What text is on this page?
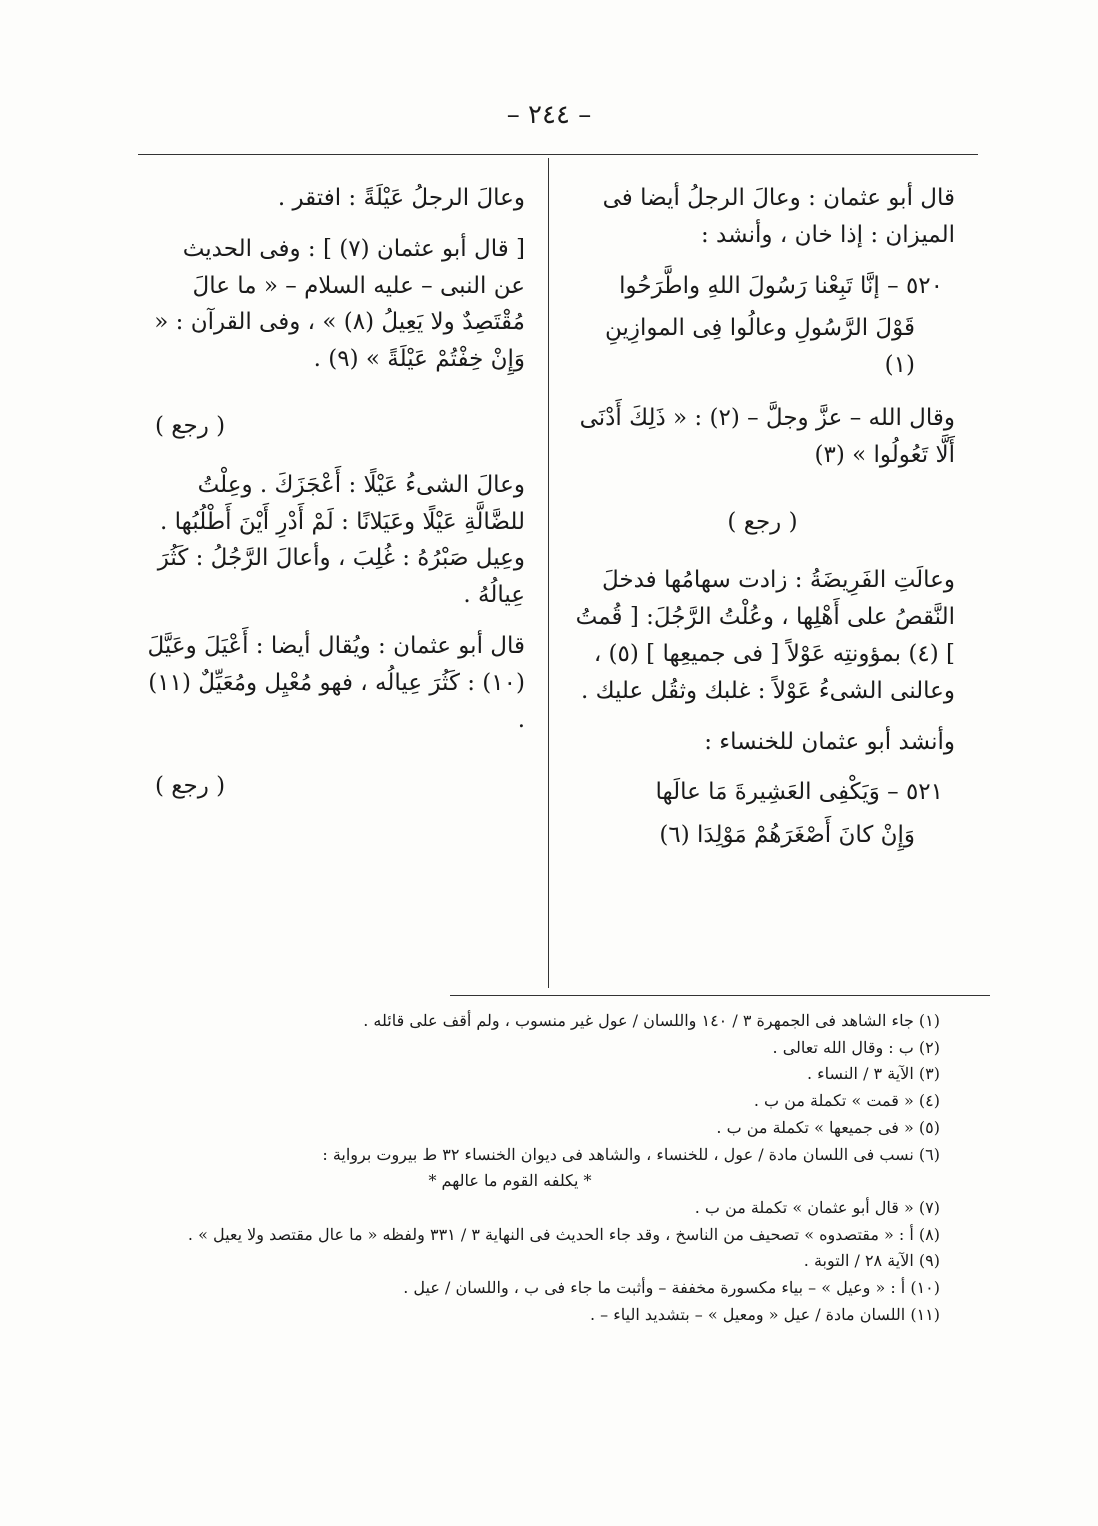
– ٢٤٤ –

قال أبو عثمان : وعالَ الرجلُ أيضا فى الميزان : إذا خان ، وأنشد :

٥٢٠ – إنَّا تَبِعْنا رَسُولَ اللهِ واطَّرَحُوا

قَوْلَ الرَّسُولِ وعالُوا فِى الموازِينِ (١)

وقال الله – عزَّ وجلَّ – (٢) : « ذَلِكَ أَدْنَى أَلَّا تَعُولُوا » (٣)

( رجع )

وعالَتِ الفَرِيضَةُ : زادت سهامُها فدخلَ النَّقصُ على أَهْلِها ، وعُلْتُ الرَّجُلَ: [ قُمتُ ] (٤) بمؤونتِه عَوْلاً [ فى جميعِها ] (٥) ، وعالنى الشىءُ عَوْلاً : غلبك وثقُل عليك .

وأنشد أبو عثمان للخنساء :

٥٢١ – وَيَكْفِى العَشِيرةَ مَا عالَها

وَإِنْ كانَ أَصْغَرَهُمْ مَوْلِدَا (٦)

وعالَ الرجلُ عَيْلَةً : افتقر .

[ قال أبو عثمان (٧) ] : وفى الحديث عن النبى – عليه السلام – « ما عالَ مُقْتَصِدٌ ولا يَعِيلُ (٨) » ، وفى القرآن : « وَإِنْ خِفْتُمْ عَيْلَةً » (٩) .

( رجع )

وعالَ الشىءُ عَيْلًا : أَعْجَزَكَ . وعِلْتُ للضَّالَّةِ عَيْلًا وعَيَلانًا : لَمْ أَدْرِ أَيْنَ أَطْلُبُها . وعِيل صَبْرُهُ : غُلِبَ ، وأعالَ الرَّجُلُ : كَثُرَ عِيالُهُ .

قال أبو عثمان : ويُقال أيضا : أَعْيَلَ وعَيَّلَ (١٠) : كَثُرَ عِيالُه ، فهو مُعْيِل ومُعَيِّلٌ (١١) .

( رجع )

(١) جاء الشاهد فى الجمهرة ٣ / ١٤٠ واللسان / عول غير منسوب ، ولم أقف على قائله .

(٢) ب : وقال الله تعالى .

(٣) الآية ٣ / النساء .

(٤) « قمت » تكملة من ب .

(٥) « فى جميعها » تكملة من ب .

(٦) نسب فى اللسان مادة / عول ، للخنساء ، والشاهد فى ديوان الخنساء ٣٢ ط بيروت برواية :

* يكلفه القوم ما عالهم *

(٧) « قال أبو عثمان » تكملة من ب .

(٨) أ : « مقتصدوه » تصحيف من الناسخ ، وقد جاء الحديث فى النهاية ٣ / ٣٣١ ولفظه « ما عال مقتصد ولا يعيل » .

(٩) الآية ٢٨ / التوبة .

(١٠) أ : « وعيل » – بياء مكسورة مخففة – وأثبت ما جاء فى ب ، واللسان / عيل .

(١١) اللسان مادة / عيل « ومعيل » – بتشديد الياء – .
